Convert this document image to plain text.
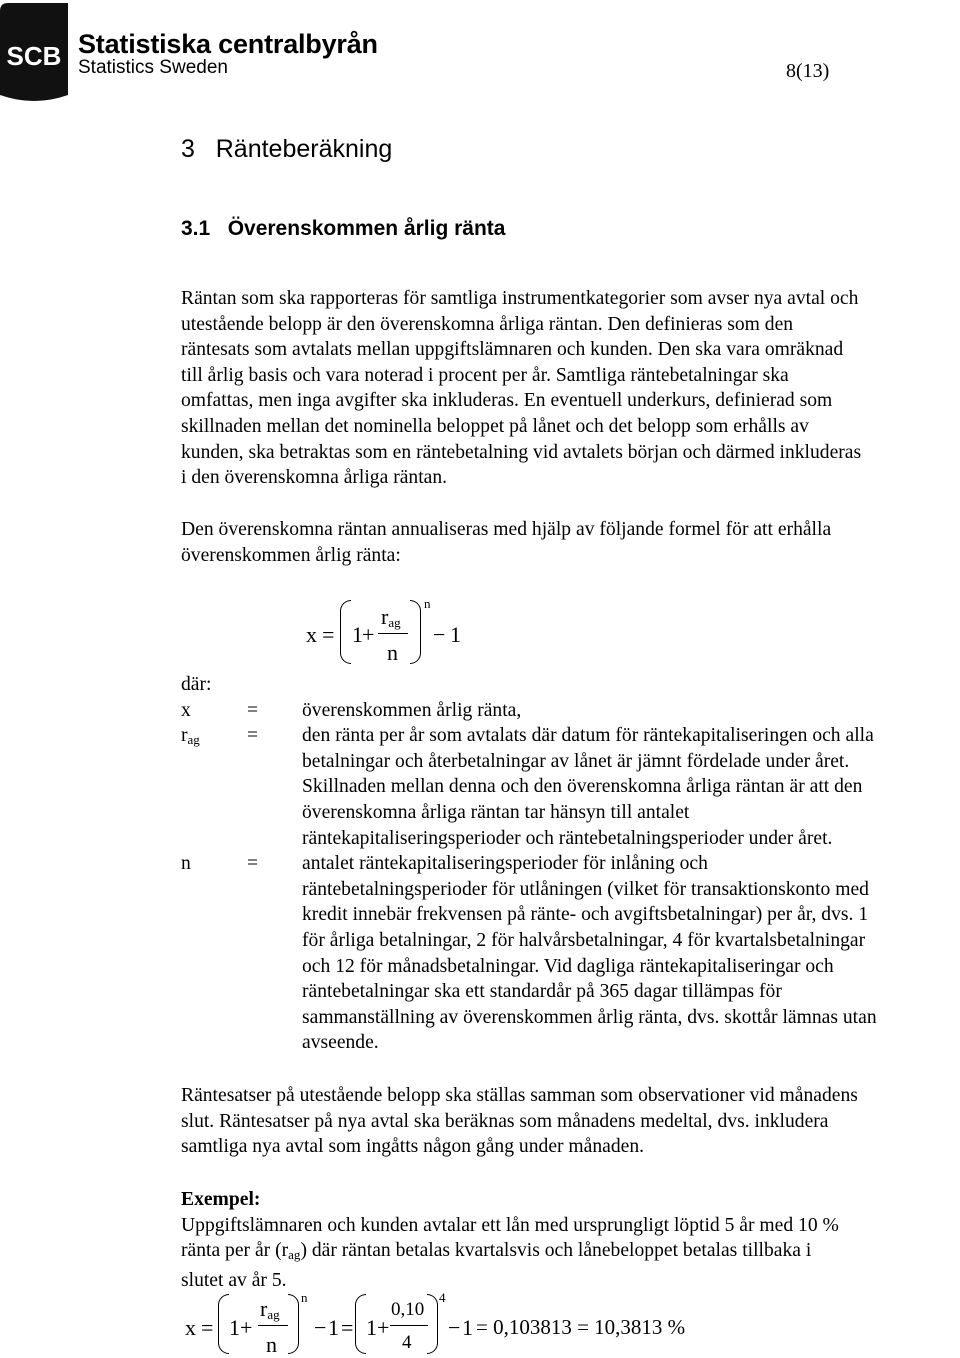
SCB Statistiska centralbyrån
Statistics Sweden	8(13)
3   Ränteberäkning
3.1   Överenskommen årlig ränta
Räntan som ska rapporteras för samtliga instrumentkategorier som avser nya avtal och
utestående belopp är den överenskomna årliga räntan. Den definieras som den
räntesats som avtalats mellan uppgiftslämnaren och kunden. Den ska vara omräknad
till årlig basis och vara noterad i procent per år. Samtliga räntebetalningar ska
omfattas, men inga avgifter ska inkluderas. En eventuell underkurs, definierad som
skillnaden mellan det nominella beloppet på lånet och det belopp som erhålls av
kunden, ska betraktas som en räntebetalning vid avtalets början och därmed inkluderas
i den överenskomna årliga räntan.
Den överenskomna räntan annualiseras med hjälp av följande formel för att erhålla
överenskommen årlig ränta:
x = 1 +
$r_{ag}$
n
n
− 1
där:
x	= överenskommen årlig ränta,
$r_{ag}$	= den ränta per år som avtalats där datum för räntekapitaliseringen och alla
betalningar och återbetalningar av lånet är jämnt fördelade under året.
Skillnaden mellan denna och den överenskomna årliga räntan är att den
överenskomna årliga räntan tar hänsyn till antalet
räntekapitaliseringsperioder och räntebetalningsperioder under året.
n	= antalet räntekapitaliseringsperioder för inlåning och
räntebetalningsperioder för utlåningen (vilket för transaktionskonto med
kredit innebär frekvensen på ränte- och avgiftsbetalningar) per år, dvs. 1
för årliga betalningar, 2 för halvårsbetalningar, 4 för kvartalsbetalningar
och 12 för månadsbetalningar. Vid dagliga räntekapitaliseringar och
räntebetalningar ska ett standardår på 365 dagar tillämpas för
sammanställning av överenskommen årlig ränta, dvs. skottår lämnas utan
avseende.
Räntesatser på utestående belopp ska ställas samman som observationer vid månadens
slut. Räntesatser på nya avtal ska beräknas som månadens medeltal, dvs. inkludera
samtliga nya avtal som ingåtts någon gång under månaden.
Exempel:
Uppgiftslämnaren och kunden avtalar ett lån med ursprungligt löptid 5 år med 10 %
ränta per år $(r_{ag})$ där räntan betalas kvartalsvis och lånebeloppet betalas tillbaka i
slutet av år 5.
x = 1 +
$r_{ag}$
n
n
− 1 = 1 +
0,10
4
4
− 1 = 0,103813 = 10,3813 %
